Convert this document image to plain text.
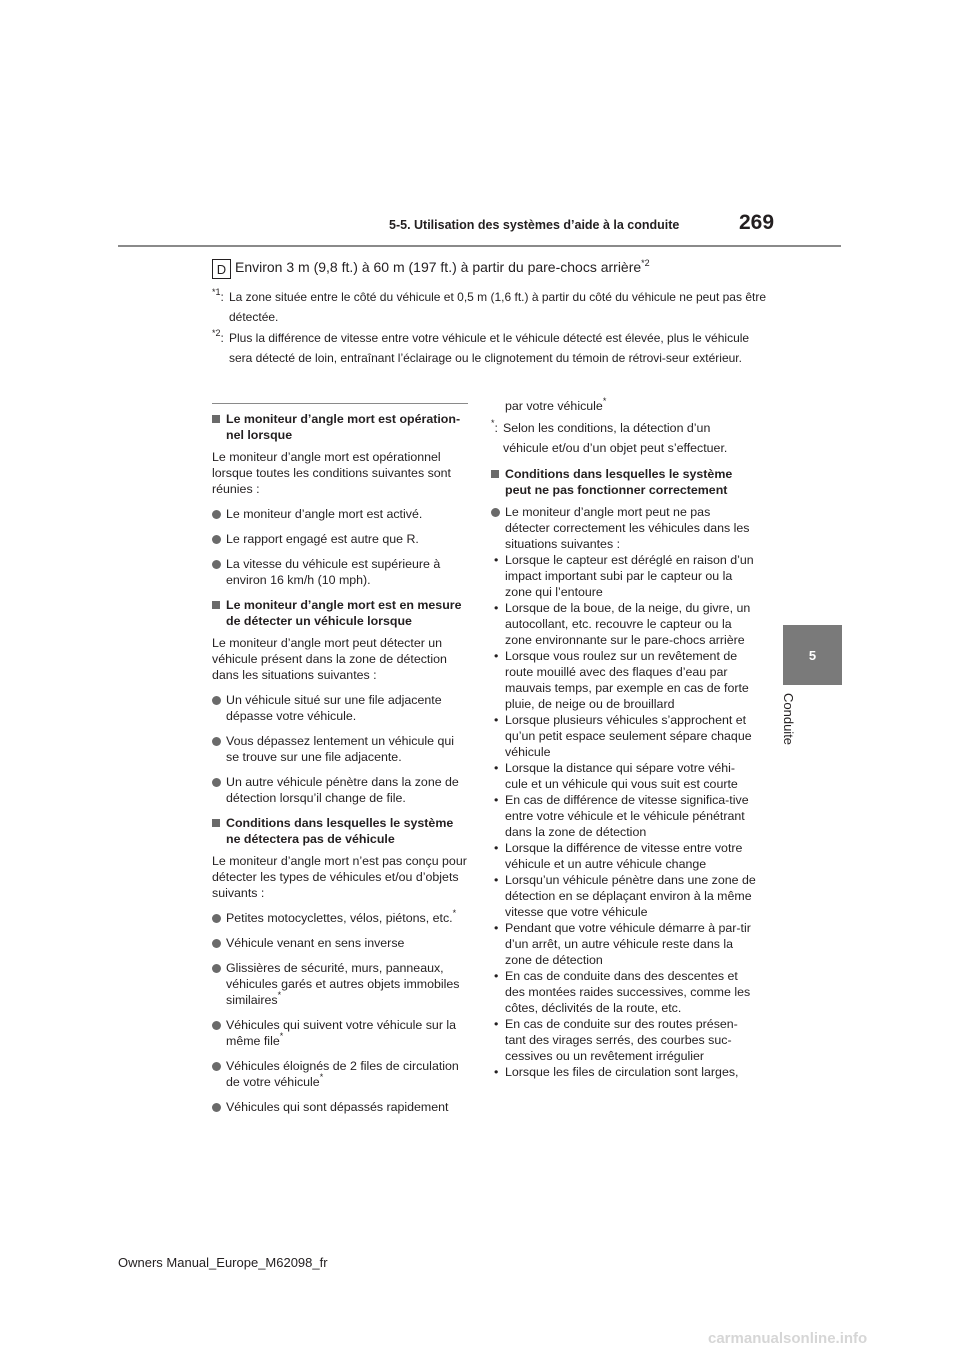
5-5. Utilisation des systèmes d’aide à la conduite	269
5
Conduite
D Environ 3 m (9,8 ft.) à 60 m (197 ft.) à partir du pare-chocs arrière$^{*2}$
$^{*1}$: La zone située entre le côté du véhicule et 0,5 m (1,6 ft.) à partir du côté du véhicule ne peut pas être détectée.
$^{*2}$: Plus la différence de vitesse entre votre véhicule et le véhicule détecté est élevée, plus le véhicule sera détecté de loin, entraînant l’éclairage ou le clignotement du témoin de rétrovi-seur extérieur.
Le moniteur d’angle mort est opération-nel lorsque
Le moniteur d’angle mort est opérationnel lorsque toutes les conditions suivantes sont réunies :
Le moniteur d’angle mort est activé.
Le rapport engagé est autre que R.
La vitesse du véhicule est supérieure à environ 16 km/h (10 mph).
Le moniteur d’angle mort est en mesure de détecter un véhicule lorsque
Le moniteur d’angle mort peut détecter un véhicule présent dans la zone de détection dans les situations suivantes :
Un véhicule situé sur une file adjacente dépasse votre véhicule.
Vous dépassez lentement un véhicule qui se trouve sur une file adjacente.
Un autre véhicule pénètre dans la zone de détection lorsqu’il change de file.
Conditions dans lesquelles le système ne détectera pas de véhicule
Le moniteur d’angle mort n’est pas conçu pour détecter les types de véhicules et/ou d’objets suivants :
Petites motocyclettes, vélos, piétons, etc.*
Véhicule venant en sens inverse
Glissières de sécurité, murs, panneaux, véhicules garés et autres objets immobiles similaires*
Véhicules qui suivent votre véhicule sur la même file*
Véhicules éloignés de 2 files de circulation de votre véhicule*
Véhicules qui sont dépassés rapidement
par votre véhicule*
*: Selon les conditions, la détection d’un véhicule et/ou d’un objet peut s’effectuer.
Conditions dans lesquelles le système peut ne pas fonctionner correctement
Le moniteur d’angle mort peut ne pas détecter correctement les véhicules dans les situations suivantes :
• Lorsque le capteur est déréglé en raison d’un impact important subi par le capteur ou la zone qui l’entoure
• Lorsque de la boue, de la neige, du givre, un autocollant, etc. recouvre le capteur ou la zone environnante sur le pare-chocs arrière
• Lorsque vous roulez sur un revêtement de route mouillé avec des flaques d’eau par mauvais temps, par exemple en cas de forte pluie, de neige ou de brouillard
• Lorsque plusieurs véhicules s’approchent et qu’un petit espace seulement sépare chaque véhicule
• Lorsque la distance qui sépare votre véhi-cule et un véhicule qui vous suit est courte
• En cas de différence de vitesse significa-tive entre votre véhicule et le véhicule pénétrant dans la zone de détection
• Lorsque la différence de vitesse entre votre véhicule et un autre véhicule change
• Lorsqu’un véhicule pénètre dans une zone de détection en se déplaçant environ à la même vitesse que votre véhicule
• Pendant que votre véhicule démarre à par-tir d’un arrêt, un autre véhicule reste dans la zone de détection
• En cas de conduite dans des descentes et des montées raides successives, comme les côtes, déclivités de la route, etc.
• En cas de conduite sur des routes présen-tant des virages serrés, des courbes suc-cessives ou un revêtement irrégulier
• Lorsque les files de circulation sont larges,
Owners Manual_Europe_M62098_fr
carmanualsonline.info
